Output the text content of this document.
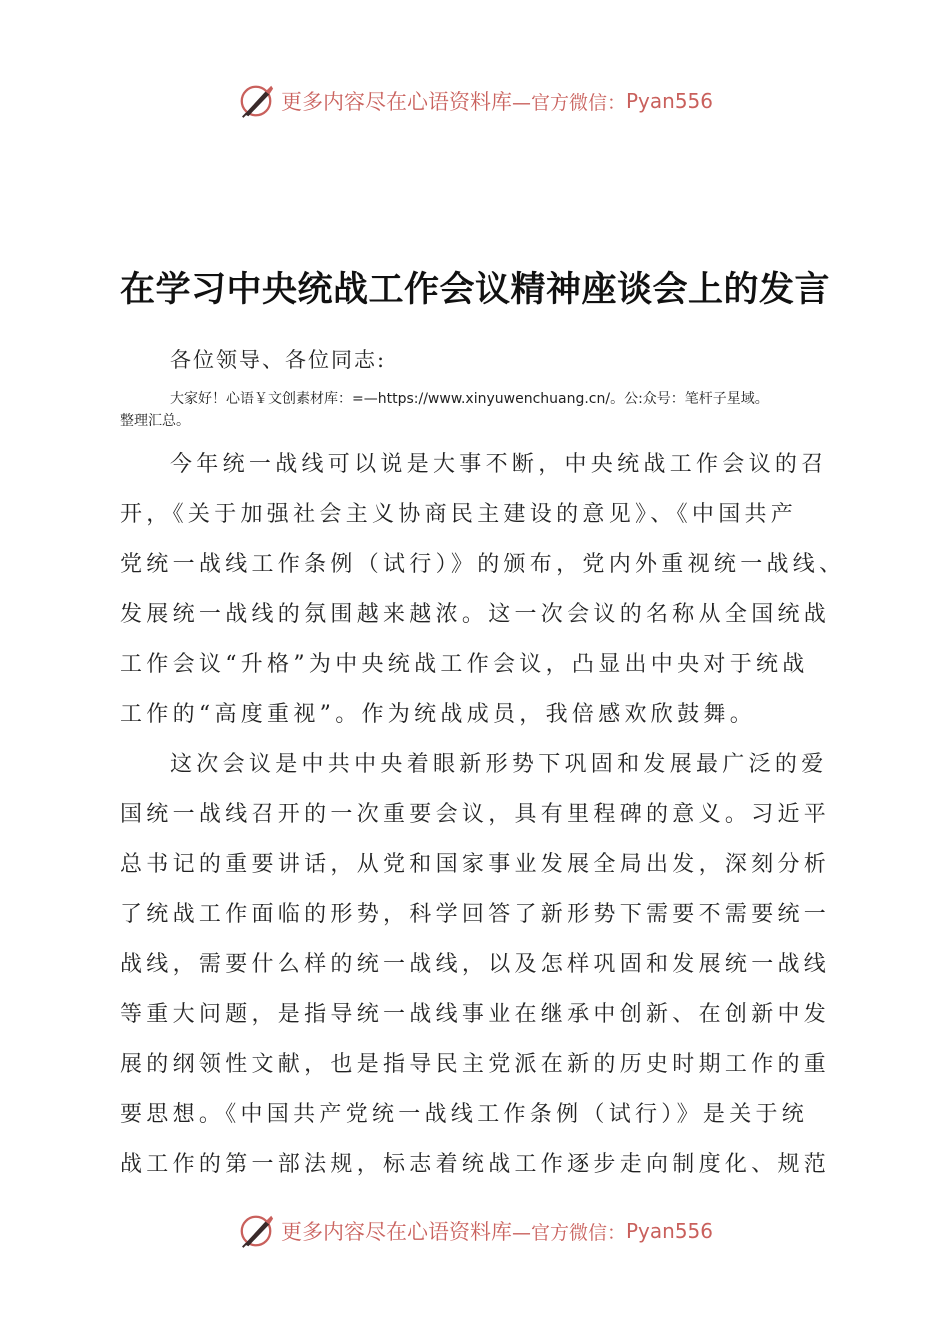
更多内容尽在心语资料库 —官方微信： Pyan556
在学习中央统战工作会议精神座谈会上的发言
各位领导、各位同志:
大家好！心语￥文创素材库：=—https://www.xinyuwenchuang.cn/。公:众号：笔杆子星域。
整理汇总。
今年统一战线可以说是大事不断，中央统战工作会议的召
开，《关于加强社会主义协商民主建设的意见》、《中国共产
党统一战线工作条例（试行）》的颁布，党内外重视统一战线、
发展统一战线的氛围越来越浓。这一次会议的名称从全国统战
工作会议“升格”为中央统战工作会议，凸显出中央对于统战
工作的“高度重视”。作为统战成员，我倍感欢欣鼓舞。
这次会议是中共中央着眼新形势下巩固和发展最广泛的爱
国统一战线召开的一次重要会议，具有里程碑的意义。习近平
总书记的重要讲话，从党和国家事业发展全局出发，深刻分析
了统战工作面临的形势，科学回答了新形势下需要不需要统一
战线，需要什么样的统一战线，以及怎样巩固和发展统一战线
等重大问题，是指导统一战线事业在继承中创新、在创新中发
展的纲领性文献，也是指导民主党派在新的历史时期工作的重
要思想。《中国共产党统一战线工作条例（试行）》是关于统
战工作的第一部法规，标志着统战工作逐步走向制度化、规范
更多内容尽在心语资料库 —官方微信： Pyan556
